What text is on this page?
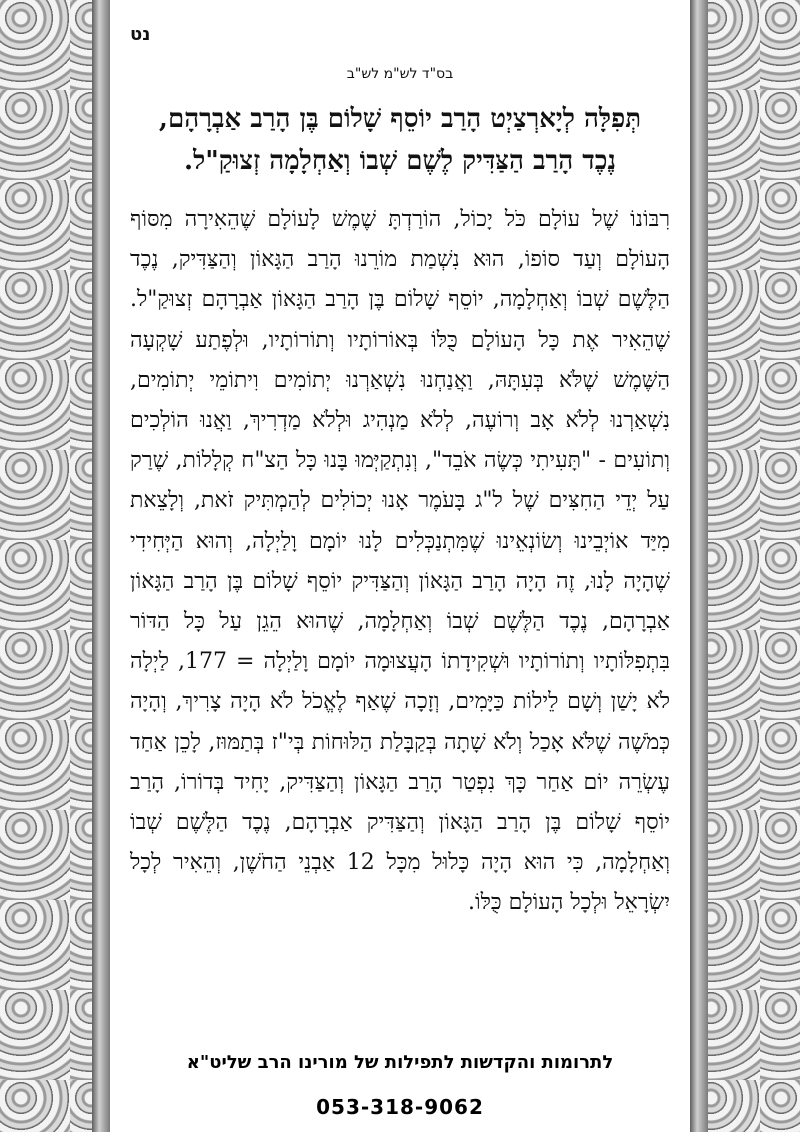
נט
בס"ד לש"מ לש"ב
תְּפִלָּה לְיָארְצַיְט הָרַב יוֹסֵף שָׁלוֹם בֶּן הָרַב אַבְרָהָם,
נֶכֶד הָרַב הַצַּדִּיק לֶשֶׁם שְׁבוֹ וְאַחְלָמָה זְצוּקַ"ל.
רִבּוֹנוֹ שֶׁל עוֹלָם כֹּל יָכוֹל, הוֹרַדְתָּ שֶׁמֶשׁ לָעוֹלָם שֶׁהֵאִירָה מִסּוֹף הָעוֹלָם וְעַד סוֹפוֹ, הוּא נִשְׁמַת מוֹרֵנוּ הָרַב הַגָּאוֹן וְהַצַּדִּיק, נֶכֶד הַלֶּשֶׁם שְׁבוֹ וְאַחְלָמָה, יוֹסֵף שָׁלוֹם בֶּן הָרַב הַגָּאוֹן אַבְרָהָם זְצוּקַ"ל. שֶׁהֵאִיר אֶת כָּל הָעוֹלָם כֻּלּוֹ בְּאוֹרוֹתָיו וְתוֹרוֹתָיו, וּלְפֶתַע שָׁקְעָה הַשֶּׁמֶשׁ שֶׁלֹּא בְּעִתָּהּ, וַאֲנַחְנוּ נִשְׁאַרְנוּ יְתוֹמִים וִיתוֹמֵי יְתוֹמִים, נִשְׁאַרְנוּ לְלֹא אָב וְרוֹעֶה, לְלֹא מַנְהִיג וּלְלֹא מַדְרִיךְ, וַאֲנוּ הוֹלְכִים וְתוֹעִים - "תָּעִיתִי כְּשֶׂה אֹבֵד", וְנִתְקַיְּמוּ בָּנוּ כָּל הַצ"ח קְלָלוֹת, שֶׁרַק עַל יְדֵי הַחִצִּים שֶׁל ל"ג בָּעֹמֶר אָנוּ יְכוֹלִים לְהַמְתִּיק זֹאת, וְלָצֵאת מִיַּד אוֹיְבֵינוּ וְשׂוֹנְאֵינוּ שֶׁמִּתְנַכְּלִים לָנוּ יוֹמָם וָלַיְלָה, וְהוּא הַיְּחִידִי שֶׁהָיָה לָנוּ, זֶה הָיָה הָרַב הַגָּאוֹן וְהַצַּדִּיק יוֹסֵף שָׁלוֹם בֶּן הָרַב הַגָּאוֹן אַבְרָהָם, נֶכֶד הַלֶּשֶׁם שְׁבוֹ וְאַחְלָמָה, שֶׁהוּא הֵגֵן עַל כָּל הַדּוֹר בִּתְפִלּוֹתָיו וְתוֹרוֹתָיו וּשְׁקִידָתוֹ הָעֲצוּמָה יוֹמָם וָלַיְלָה = 177, לַיְלָה לֹא יָשַׁן וְשָׁם לֵילוֹת כַּיָּמִים, וְזָכָה שֶׁאַף לֶאֱכֹל לֹא הָיָה צָרִיךְ, וְהָיָה כְּמֹשֶׁה שֶׁלֹּא אָכַל וְלֹא שָׁתָה בְּקַבָּלַת הַלּוּחוֹת בְּי"ז בְּתַמּוּז, לָכֵן אַחַד עֶשְׂרֵה יוֹם אַחַר כָּךְ נִפְטַר הָרַב הַגָּאוֹן וְהַצַּדִּיק, יָחִיד בְּדוֹרוֹ, הָרַב יוֹסֵף שָׁלוֹם בֶּן הָרַב הַגָּאוֹן וְהַצַּדִּיק אַבְרָהָם, נֶכֶד הַלֶּשֶׁם שְׁבוֹ וְאַחְלָמָה, כִּי הוּא הָיָה כָּלוּל מִכָּל 12 אַבְנֵי הַחֹשֶׁן, וְהֵאִיר לְכָל יִשְׂרָאֵל וּלְכָל הָעוֹלָם כֻּלּוֹ.
לתרומות והקדשות לתפילות של מורינו הרב שליט"א
053-318-9062
